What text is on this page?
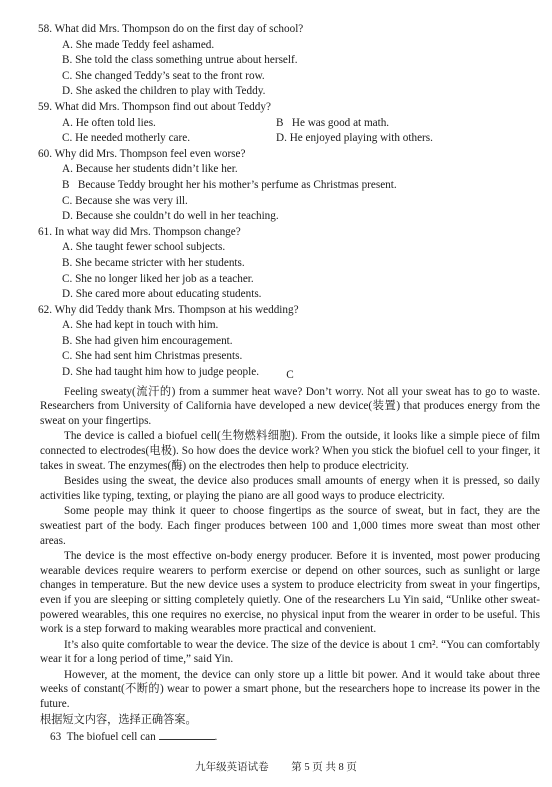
58. What did Mrs. Thompson do on the first day of school?
A. She made Teddy feel ashamed.
B. She told the class something untrue about herself.
C. She changed Teddy’s seat to the front row.
D. She asked the children to play with Teddy.
59. What did Mrs. Thompson find out about Teddy?
A. He often told lies.	B He was good at math.
C. He needed motherly care.	D. He enjoyed playing with others.
60. Why did Mrs. Thompson feel even worse?
A. Because her students didn’t like her.
B Because Teddy brought her his mother’s perfume as Christmas present.
C. Because she was very ill.
D. Because she couldn’t do well in her teaching.
61. In what way did Mrs. Thompson change?
A. She taught fewer school subjects.
B. She became stricter with her students.
C. She no longer liked her job as a teacher.
D. She cared more about educating students.
62. Why did Teddy thank Mrs. Thompson at his wedding?
A. She had kept in touch with him.
B. She had given him encouragement.
C. She had sent him Christmas presents.
D. She had taught him how to judge people.	C

Feeling sweaty(流汗的) from a summer heat wave? Don’t worry. Not all your sweat has to go to waste. Researchers from University of California have developed a new device(装置) that produces energy from the sweat on your fingertips.

The device is called a biofuel cell(生物燃料细胞). From the outside, it looks like a simple piece of film connected to electrodes(电极). So how does the device work? When you stick the biofuel cell to your finger, it takes in sweat. The enzymes(酶) on the electrodes then help to produce electricity.

Besides using the sweat, the device also produces small amounts of energy when it is pressed, so daily activities like typing, texting, or playing the piano are all good ways to produce electricity.

Some people may think it queer to choose fingertips as the source of sweat, but in fact, they are the sweatiest part of the body. Each finger produces between 100 and 1,000 times more sweat than most other areas.

The device is the most effective on-body energy producer. Before it is invented, most power producing wearable devices require wearers to perform exercise or depend on other sources, such as sunlight or large changes in temperature. But the new device uses a system to produce electricity from sweat in your fingertips, even if you are sleeping or sitting completely quietly. One of the researchers Lu Yin said, “Unlike other sweat-powered wearables, this one requires no exercise, no physical input from the wearer in order to be useful. This work is a step forward to making wearables more practical and convenient.

It’s also quite comfortable to wear the device. The size of the device is about 1 cm². “You can comfortably wear it for a long period of time,” said Yin.

However, at the moment, the device can only store up a little bit power. And it would take about three weeks of constant(不断的) wear to power a smart phone, but the researchers hope to increase its power in the future.

根据短文内容，选择正确答案。

63 The biofuel cell can	.
九年级英语试卷 第 5 页 共 8 页
